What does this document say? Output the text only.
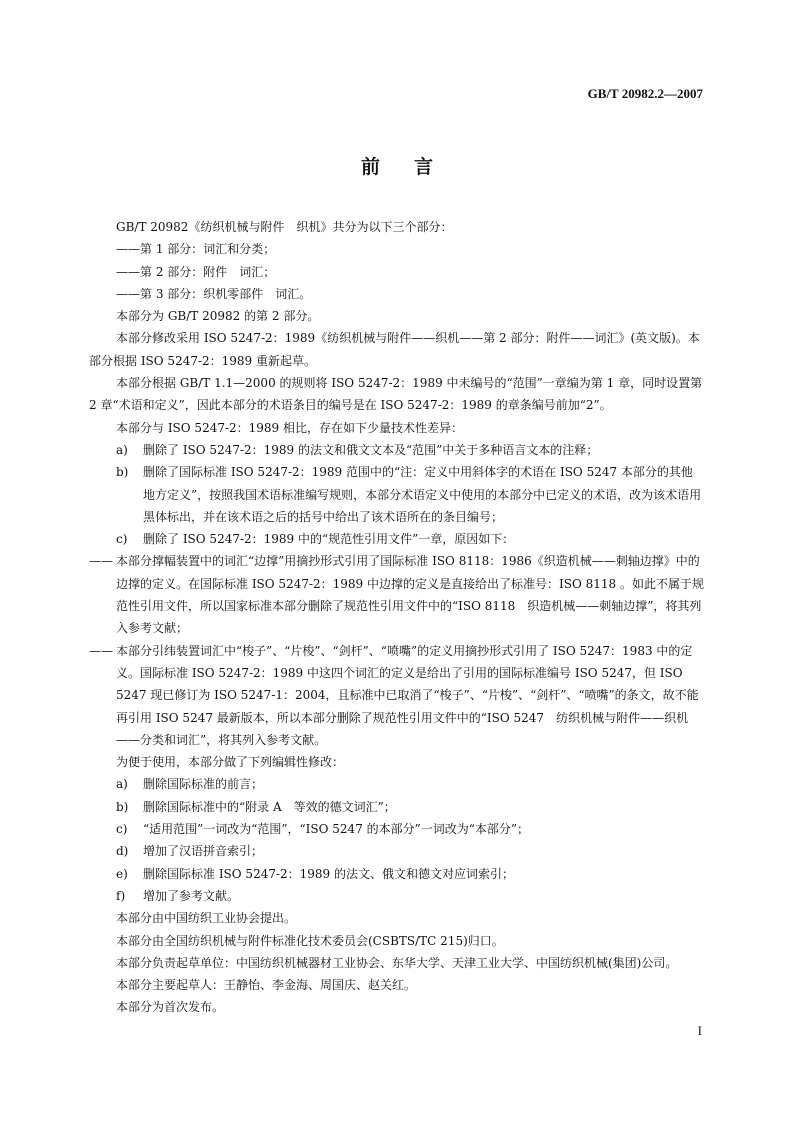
GB/T 20982.2—2007

前言

GB/T 20982《纺织机械与附件　织机》共分为以下三个部分：

——第 1 部分：词汇和分类；

——第 2 部分：附件　词汇；

——第 3 部分：织机零部件　词汇。

本部分为 GB/T 20982 的第 2 部分。

本部分修改采用 ISO 5247-2：1989《纺织机械与附件——织机——第 2 部分：附件——词汇》(英文版)。本部分根据 ISO 5247-2：1989 重新起草。

本部分根据 GB/T 1.1—2000 的规则将 ISO 5247-2：1989 中未编号的“范围”一章编为第 1 章，同时设置第 2 章“术语和定义”，因此本部分的术语条目的编号是在 ISO 5247-2：1989 的章条编号前加“2”。

本部分与 ISO 5247-2：1989 相比，存在如下少量技术性差异：

a)	删除了 ISO 5247-2：1989 的法文和俄文文本及“范围”中关于多种语言文本的注释；
b)	删除了国际标准 ISO 5247-2：1989 范围中的“注：定义中用斜体字的术语在 ISO 5247 本部分的其他地方定义”，按照我国术语标准编写规则，本部分术语定义中使用的本部分中已定义的术语，改为该术语用黑体标出，并在该术语之后的括号中给出了该术语所在的条目编号；
c)	删除了 ISO 5247-2：1989 中的“规范性引用文件”一章，原因如下：
—— 本部分撑幅装置中的词汇“边撑”用摘抄形式引用了国际标准 ISO 8118：1986《织造机械——刺轴边撑》中的边撑的定义。在国际标准 ISO 5247-2：1989 中边撑的定义是直接给出了标准号：ISO 8118 。如此不属于规范性引用文件，所以国家标准本部分删除了规范性引用文件中的“ISO 8118　织造机械——刺轴边撑”，将其列入参考文献；
—— 本部分引纬装置词汇中“梭子”、“片梭”、“剑杆”、“喷嘴”的定义用摘抄形式引用了 ISO 5247：1983 中的定义。国际标准 ISO 5247-2：1989 中这四个词汇的定义是给出了引用的国际标准编号 ISO 5247，但 ISO 5247 现已修订为 ISO 5247-1：2004，且标准中已取消了“梭子”、“片梭”、“剑杆”、“喷嘴”的条文，故不能再引用 ISO 5247 最新版本，所以本部分删除了规范性引用文件中的“ISO 5247　纺织机械与附件——织机——分类和词汇”，将其列入参考文献。

为便于使用，本部分做了下列编辑性修改：

a)	删除国际标准的前言；
b)	删除国际标准中的“附录 A　等效的德文词汇”；
c)	“适用范围”一词改为“范围”，“ISO 5247 的本部分”一词改为“本部分”；
d)	增加了汉语拼音索引；
e)	删除国际标准 ISO 5247-2：1989 的法文、俄文和德文对应词索引；
f)	增加了参考文献。

本部分由中国纺织工业协会提出。

本部分由全国纺织机械与附件标准化技术委员会(CSBTS/TC 215)归口。

本部分负责起草单位：中国纺织机械器材工业协会、东华大学、天津工业大学、中国纺织机械(集团)公司。

本部分主要起草人：王静怡、李金海、周国庆、赵关红。

本部分为首次发布。

I
